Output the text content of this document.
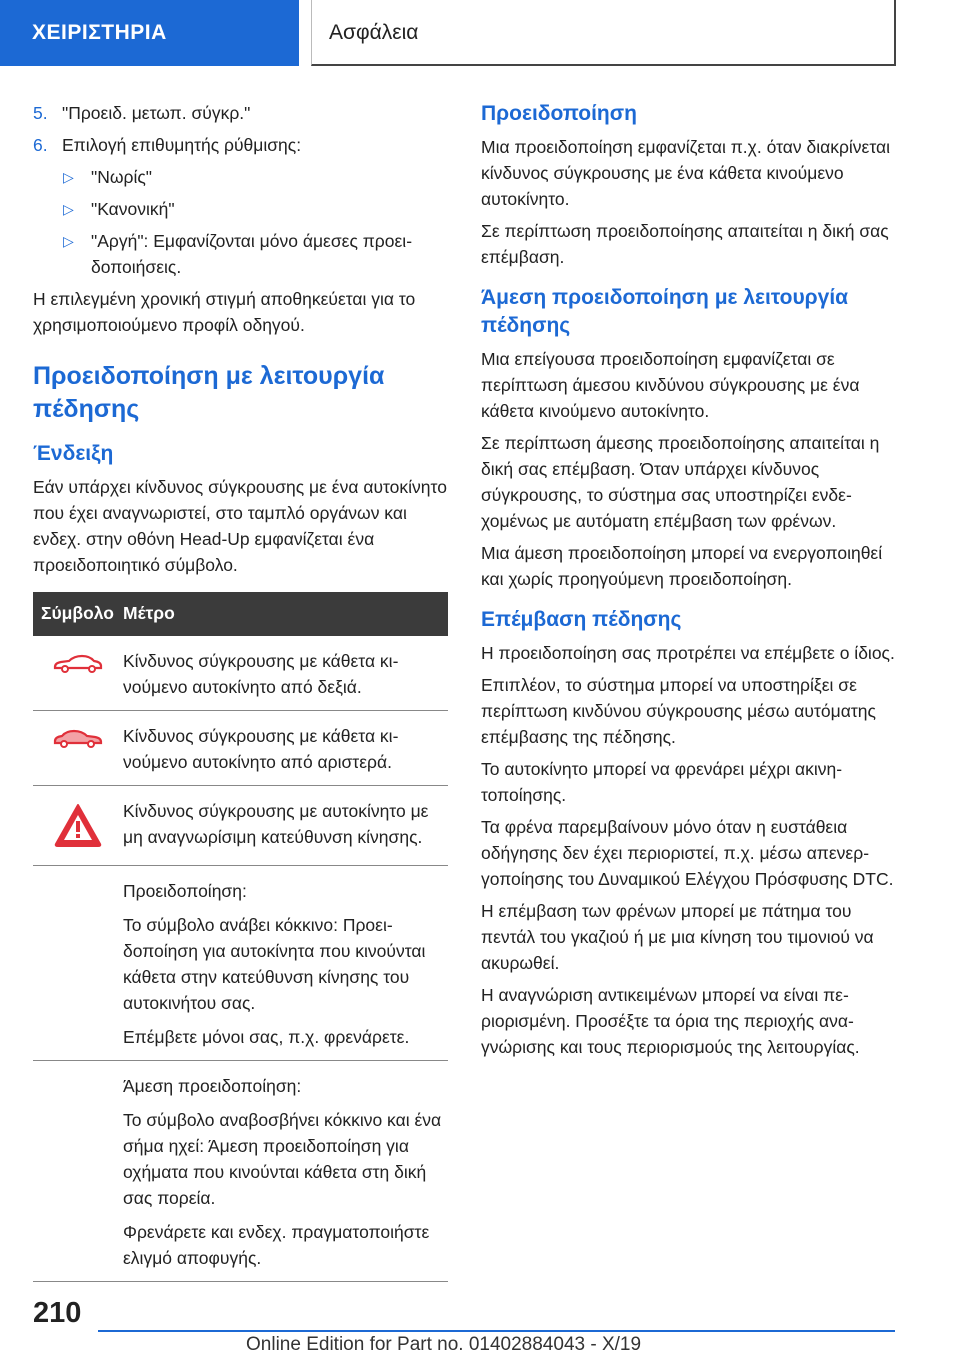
ΧΕΙΡΙΣΤΗΡΙΑ	Ασφάλεια
5. "Προειδ. μετωπ. σύγκρ."
6. Επιλογή επιθυμητής ρύθμισης:
▷ "Νωρίς"
▷ "Κανονική"
▷ "Αργή": Εμφανίζονται μόνο άμεσες προειδοποιήσεις.

Η επιλεγμένη χρονική στιγμή αποθηκεύεται για το χρησιμοποιούμενο προφίλ οδηγού.

Προειδοποίηση με λειτουργία πέδησης
Ένδειξη

Εάν υπάρχει κίνδυνος σύγκρουσης με ένα αυτοκίνητο που έχει αναγνωριστεί, στο ταμπλό οργάνων και ενδεχ. στην οθόνη Head-Up εμφανίζεται ένα προειδοποιητικό σύμβολο.

Σύμβολο	Μέτρο

Κίνδυνος σύγκρουσης με κάθετα κινούμενο αυτοκίνητο από δεξιά.

Κίνδυνος σύγκρουσης με κάθετα κινούμενο αυτοκίνητο από αριστερά.

Κίνδυνος σύγκρουσης με αυτοκίνητο με μη αναγνωρίσιμη κατεύθυνση κίνησης.

	Προειδοποίηση:

Το σύμβολο ανάβει κόκκινο: Προειδοποίηση για αυτοκίνητα που κινούνται κάθετα στην κατεύθυνση κίνησης του αυτοκινήτου σας.

Επέμβετε μόνοι σας, π.χ. φρενάρετε.

	Άμεση προειδοποίηση:

Το σύμβολο αναβοσβήνει κόκκινο και ένα σήμα ηχεί: Άμεση προειδοποίηση για οχήματα που κινούνται κάθετα στη δική σας πορεία.

Φρενάρετε και ενδεχ. πραγματοποιήστε ελιγμό αποφυγής.

Προειδοποίηση

Μια προειδοποίηση εμφανίζεται π.χ. όταν διακρίνεται κίνδυνος σύγκρουσης με ένα κάθετα κινούμενο αυτοκίνητο.

Σε περίπτωση προειδοποίησης απαιτείται η δική σας επέμβαση.

Άμεση προειδοποίηση με λειτουργία πέδησης

Μια επείγουσα προειδοποίηση εμφανίζεται σε περίπτωση άμεσου κινδύνου σύγκρουσης με ένα κάθετα κινούμενο αυτοκίνητο.

Σε περίπτωση άμεσης προειδοποίησης απαιτείται η δική σας επέμβαση. Όταν υπάρχει κίνδυνος σύγκρουσης, το σύστημα σας υποστηρίζει ενδεχομένως με αυτόματη επέμβαση των φρένων.

Μια άμεση προειδοποίηση μπορεί να ενεργοποιηθεί και χωρίς προηγούμενη προειδοποίηση.

Επέμβαση πέδησης

Η προειδοποίηση σας προτρέπει να επέμβετε ο ίδιος.

Επιπλέον, το σύστημα μπορεί να υποστηρίξει σε περίπτωση κινδύνου σύγκρουσης μέσω αυτόματης επέμβασης της πέδησης.

Το αυτοκίνητο μπορεί να φρενάρει μέχρι ακινητοποίησης.

Τα φρένα παρεμβαίνουν μόνο όταν η ευστάθεια οδήγησης δεν έχει περιοριστεί, π.χ. μέσω απενεργοποίησης του Δυναμικού Ελέγχου Πρόσφυσης DTC.

Η επέμβαση των φρένων μπορεί με πάτημα του πεντάλ του γκαζιού ή με μια κίνηση του τιμονιού να ακυρωθεί.

Η αναγνώριση αντικειμένων μπορεί να είναι περιορισμένη. Προσέξτε τα όρια της περιοχής αναγνώρισης και τους περιορισμούς της λειτουργίας.

210
Online Edition for Part no. 01402884043 - X/19
